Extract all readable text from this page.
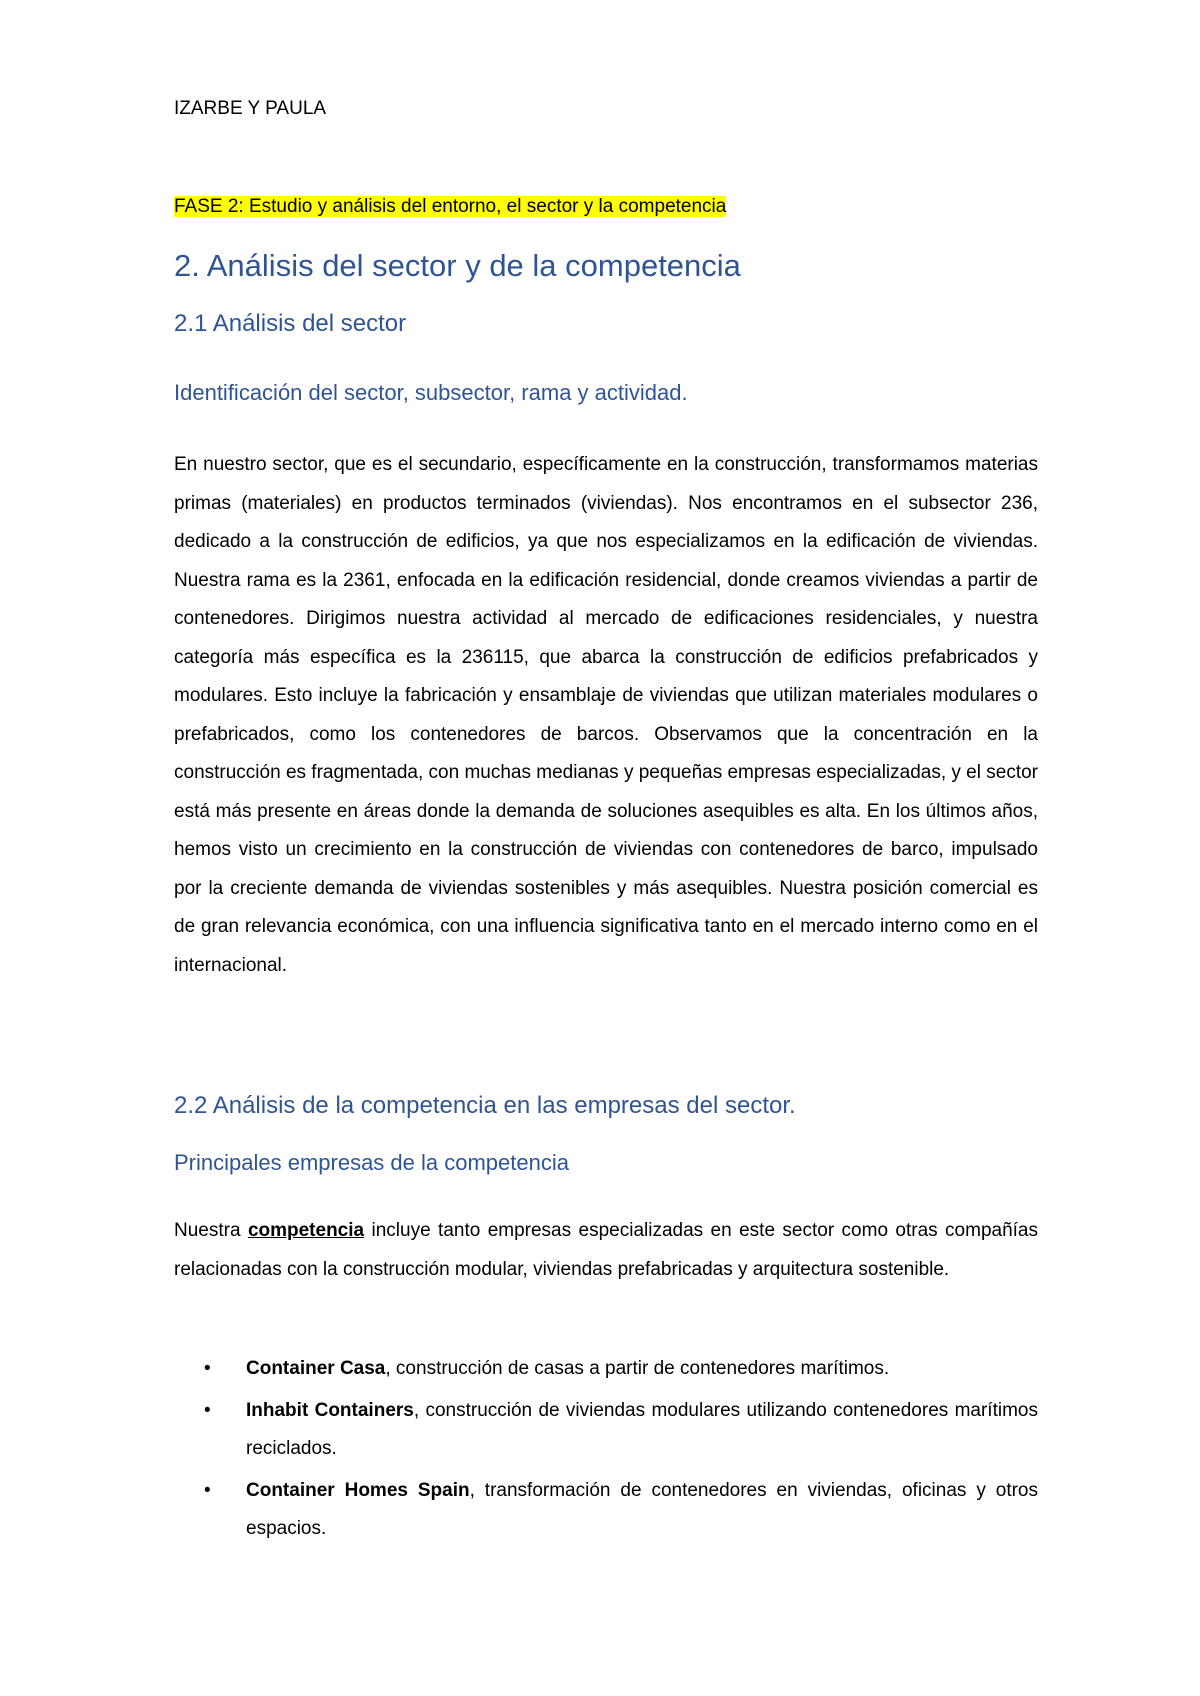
IZARBE Y PAULA
FASE 2: Estudio y análisis del entorno, el sector y la competencia
2. Análisis del sector y de la competencia
2.1 Análisis del sector
Identificación del sector, subsector, rama y actividad.
En nuestro sector, que es el secundario, específicamente en la construcción, transformamos materias primas (materiales) en productos terminados (viviendas). Nos encontramos en el subsector 236, dedicado a la construcción de edificios, ya que nos especializamos en la edificación de viviendas. Nuestra rama es la 2361, enfocada en la edificación residencial, donde creamos viviendas a partir de contenedores. Dirigimos nuestra actividad al mercado de edificaciones residenciales, y nuestra categoría más específica es la 236115, que abarca la construcción de edificios prefabricados y modulares. Esto incluye la fabricación y ensamblaje de viviendas que utilizan materiales modulares o prefabricados, como los contenedores de barcos. Observamos que la concentración en la construcción es fragmentada, con muchas medianas y pequeñas empresas especializadas, y el sector está más presente en áreas donde la demanda de soluciones asequibles es alta. En los últimos años, hemos visto un crecimiento en la construcción de viviendas con contenedores de barco, impulsado por la creciente demanda de viviendas sostenibles y más asequibles. Nuestra posición comercial es de gran relevancia económica, con una influencia significativa tanto en el mercado interno como en el internacional.
2.2 Análisis de la competencia en las empresas del sector.
Principales empresas de la competencia
Nuestra competencia incluye tanto empresas especializadas en este sector como otras compañías relacionadas con la construcción modular, viviendas prefabricadas y arquitectura sostenible.
• Container Casa, construcción de casas a partir de contenedores marítimos.
• Inhabit Containers, construcción de viviendas modulares utilizando contenedores marítimos reciclados.
• Container Homes Spain, transformación de contenedores en viviendas, oficinas y otros espacios.
